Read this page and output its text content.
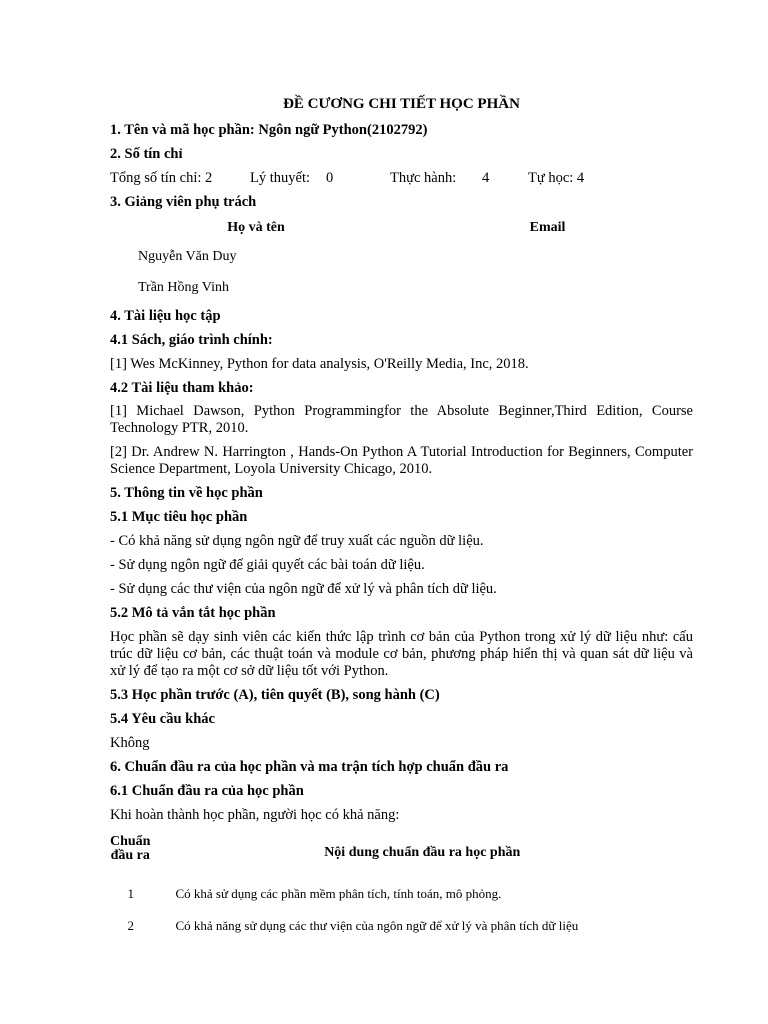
ĐỀ CƯƠNG CHI TIẾT HỌC PHẦN

1. Tên và mã học phần: Ngôn ngữ Python(2102792)

2. Số tín chỉ

Tổng số tín chỉ: 2	Lý thuyết:	0	Thực hành:	4	Tự học: 4

3. Giảng viên phụ trách

Họ và tên	Email
Nguyễn Văn Duy	
Trần Hồng Vinh	

4. Tài liệu học tập

4.1 Sách, giáo trình chính:

[1] Wes McKinney, Python for data analysis, O'Reilly Media, Inc, 2018.

4.2 Tài liệu tham khảo:

[1] Michael Dawson, Python Programmingfor the Absolute Beginner,Third Edition, Course Technology PTR, 2010.

[2] Dr. Andrew N. Harrington , Hands-On Python A Tutorial Introduction for Beginners, Computer Science Department, Loyola University Chicago, 2010.

5. Thông tin về học phần

5.1 Mục tiêu học phần

- Có khả năng sử dụng ngôn ngữ để truy xuất các nguồn dữ liệu.

- Sử dụng ngôn ngữ để giải quyết các bài toán dữ liệu.

- Sử dụng các thư viện của ngôn ngữ để xử lý và phân tích dữ liệu.

5.2 Mô tả vắn tắt học phần

Học phần sẽ dạy sinh viên các kiến thức lập trình cơ bản của Python trong xử lý dữ liệu như: cấu trúc dữ liệu cơ bản, các thuật toán và module cơ bản, phương pháp hiển thị và quan sát dữ liệu và xử lý để tạo ra một cơ sở dữ liệu tốt với Python.

5.3 Học phần trước (A), tiên quyết (B), song hành (C)

5.4 Yêu cầu khác

Không

6. Chuẩn đầu ra của học phần và ma trận tích hợp chuẩn đầu ra

6.1 Chuẩn đầu ra của học phần

Khi hoàn thành học phần, người học có khả năng:

Chuẩn
đầu ra	Nội dung chuẩn đầu ra học phần
1	Có khả sử dụng các phần mềm phân tích, tính toán, mô phỏng.
2	Có khả năng sử dụng các thư viện của ngôn ngữ để xử lý và phân tích dữ liệu
